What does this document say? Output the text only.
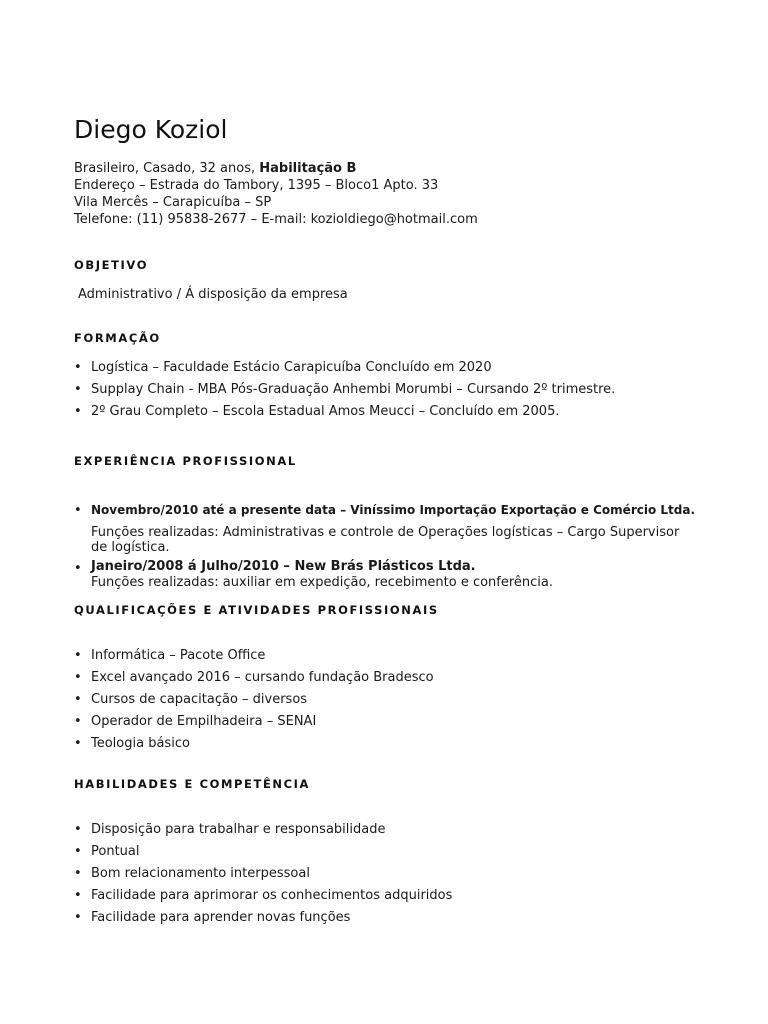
Diego Koziol
Brasileiro, Casado, 32 anos, Habilitação B
Endereço – Estrada do Tambory, 1395 – Bloco1 Apto. 33
Vila Mercês – Carapicuíba – SP
Telefone: (11) 95838-2677 – E-mail: kozioldiego@hotmail.com
OBJETIVO
Administrativo / Á disposição da empresa
FORMAÇÃO
• Logística – Faculdade Estácio Carapicuíba Concluído em 2020
• Supplay Chain - MBA Pós-Graduação Anhembi Morumbi – Cursando 2º trimestre.
• 2º Grau Completo – Escola Estadual Amos Meucci – Concluído em 2005.
EXPERIÊNCIA PROFISSIONAL
• Novembro/2010 até a presente data – Viníssimo Importação Exportação e Comércio Ltda.
Funções realizadas: Administrativas e controle de Operações logísticas – Cargo Supervisor de logística.
• Janeiro/2008 á Julho/2010 – New Brás Plásticos Ltda.
Funções realizadas: auxiliar em expedição, recebimento e conferência.
QUALIFICAÇÕES E ATIVIDADES PROFISSIONAIS
• Informática – Pacote Office
• Excel avançado 2016 – cursando fundação Bradesco
• Cursos de capacitação – diversos
• Operador de Empilhadeira – SENAI
• Teologia básico
HABILIDADES E COMPETÊNCIA
• Disposição para trabalhar e responsabilidade
• Pontual
• Bom relacionamento interpessoal
• Facilidade para aprimorar os conhecimentos adquiridos
• Facilidade para aprender novas funções
